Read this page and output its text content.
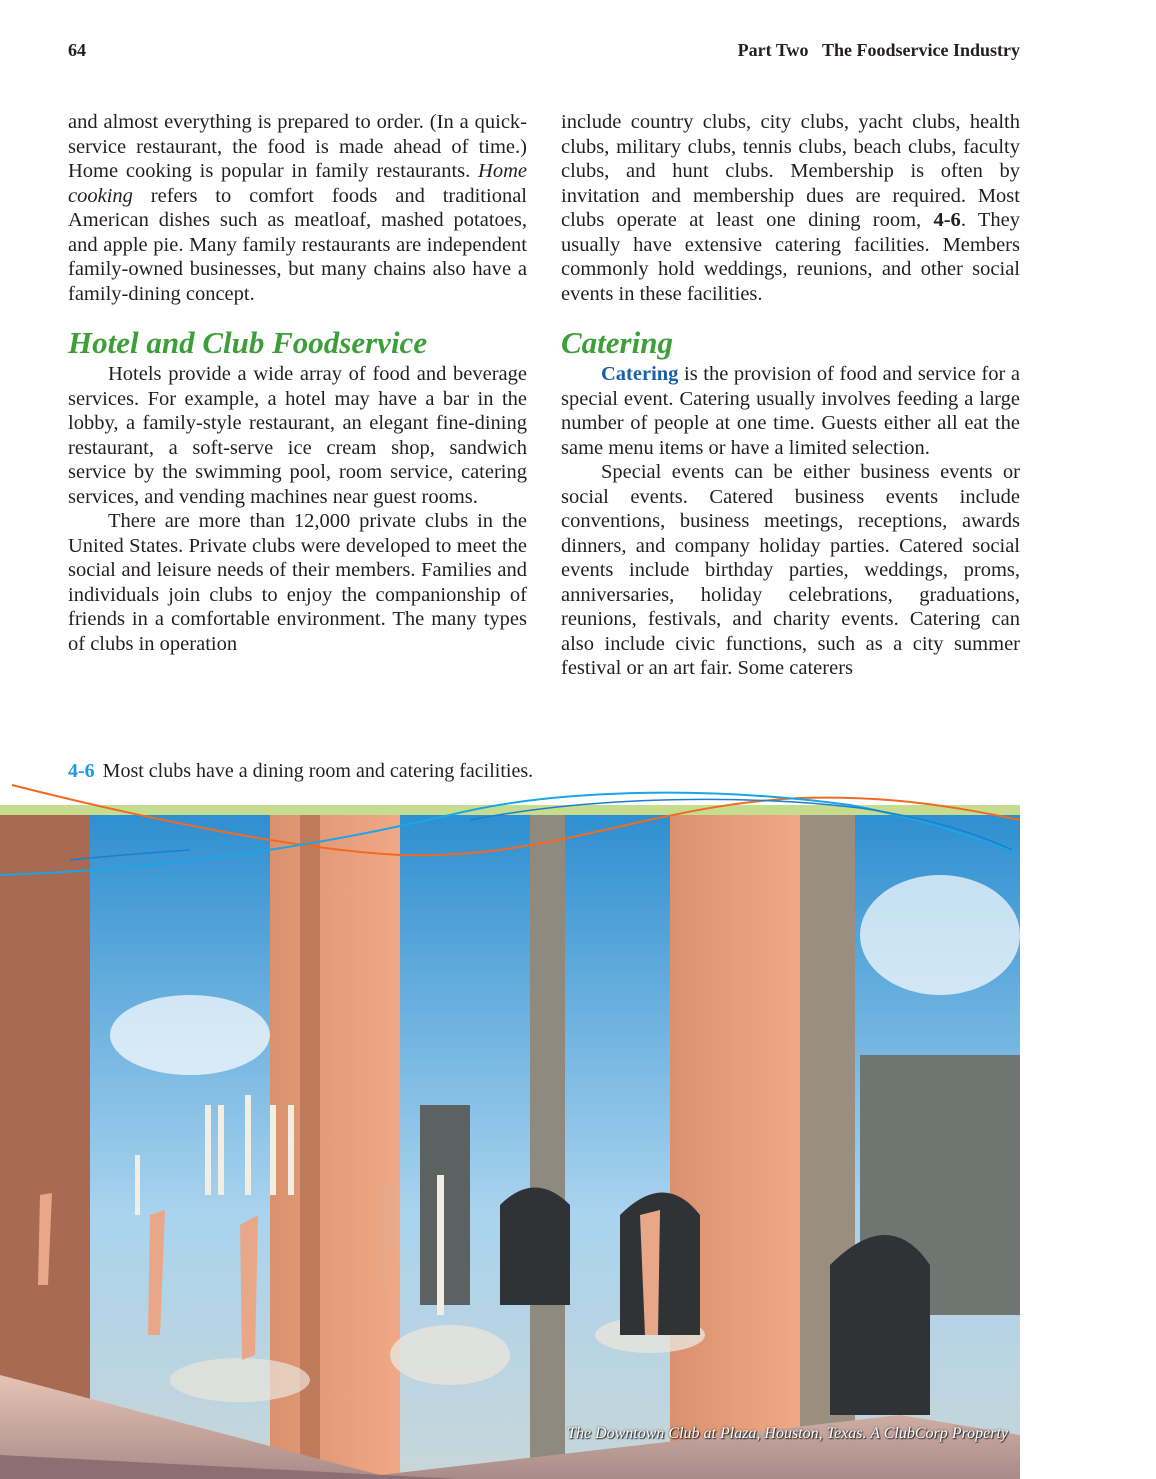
64	Part Two The Foodservice Industry

and almost everything is prepared to order. (In a quick-service restaurant, the food is made ahead of time.) Home cooking is popular in family restaurants. Home cooking refers to comfort foods and traditional American dishes such as meatloaf, mashed potatoes, and apple pie. Many family restaurants are independent family-owned businesses, but many chains also have a family-dining concept.

Hotel and Club Foodservice

Hotels provide a wide array of food and beverage services. For example, a hotel may have a bar in the lobby, a family-style restaurant, an elegant fine-dining restaurant, a soft-serve ice cream shop, sandwich service by the swimming pool, room service, catering services, and vending machines near guest rooms.

There are more than 12,000 private clubs in the United States. Private clubs were developed to meet the social and leisure needs of their members. Families and individuals join clubs to enjoy the companionship of friends in a comfortable environment. The many types of clubs in operation

include country clubs, city clubs, yacht clubs, health clubs, military clubs, tennis clubs, beach clubs, faculty clubs, and hunt clubs. Membership is often by invitation and membership dues are required. Most clubs operate at least one dining room, 4-6. They usually have extensive catering facilities. Members commonly hold weddings, reunions, and other social events in these facilities.

Catering

Catering is the provision of food and service for a special event. Catering usually involves feeding a large number of people at one time. Guests either all eat the same menu items or have a limited selection.

Special events can be either business events or social events. Catered business events include conventions, business meetings, receptions, awards dinners, and company holiday parties. Catered social events include birthday parties, weddings, proms, anniversaries, holiday celebrations, graduations, reunions, festivals, and charity events. Catering can also include civic functions, such as a city summer festival or an art fair. Some caterers

4-6 Most clubs have a dining room and catering facilities.
The Downtown Club at Plaza, Houston, Texas. A ClubCorp Property
